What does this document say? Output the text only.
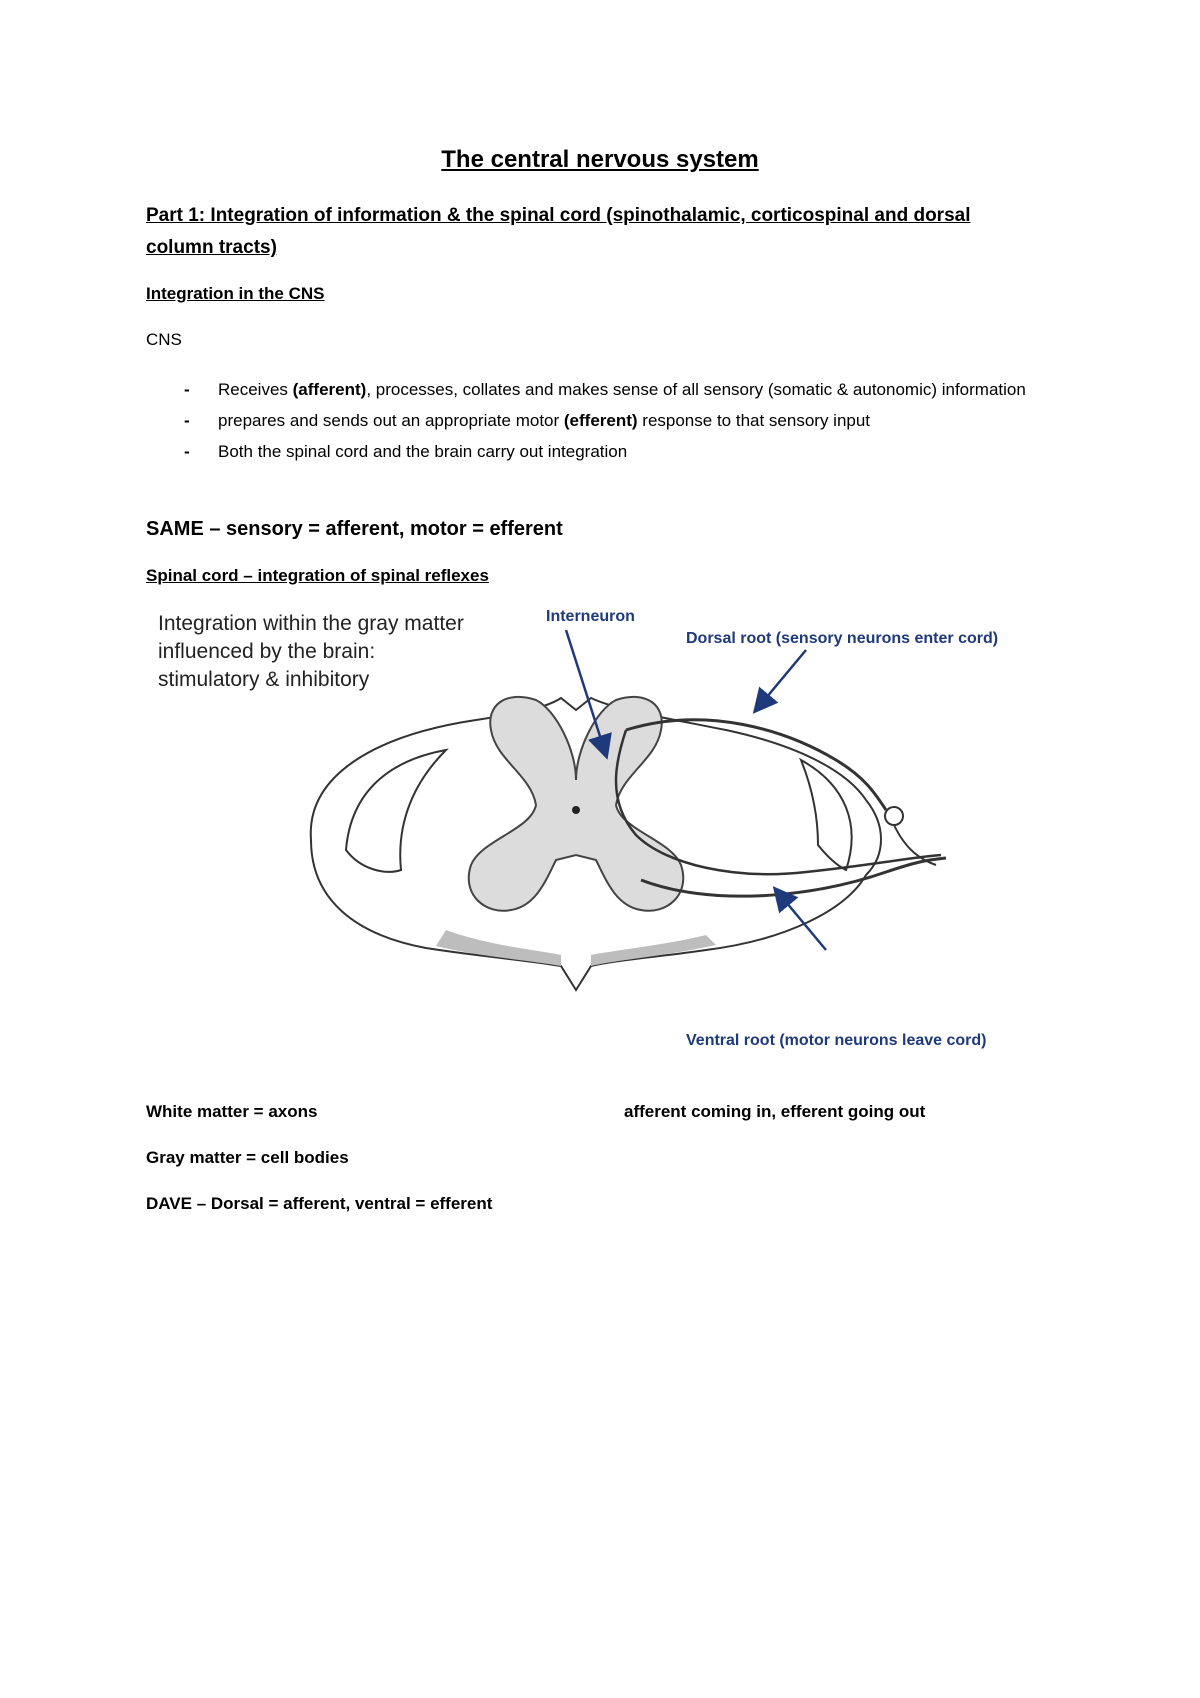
The central nervous system
Part 1: Integration of information & the spinal cord (spinothalamic, corticospinal and dorsal column tracts)
Integration in the CNS
CNS
- Receives (afferent), processes, collates and makes sense of all sensory (somatic & autonomic) information
- prepares and sends out an appropriate motor (efferent) response to that sensory input
- Both the spinal cord and the brain carry out integration
SAME – sensory = afferent, motor = efferent
Spinal cord – integration of spinal reflexes
Integration within the gray matter
influenced by the brain:
stimulatory & inhibitory
Interneuron
Dorsal root (sensory neurons enter cord)
Ventral root (motor neurons leave cord)
White matter = axons	afferent coming in, efferent going out
Gray matter = cell bodies
DAVE – Dorsal = afferent, ventral = efferent
